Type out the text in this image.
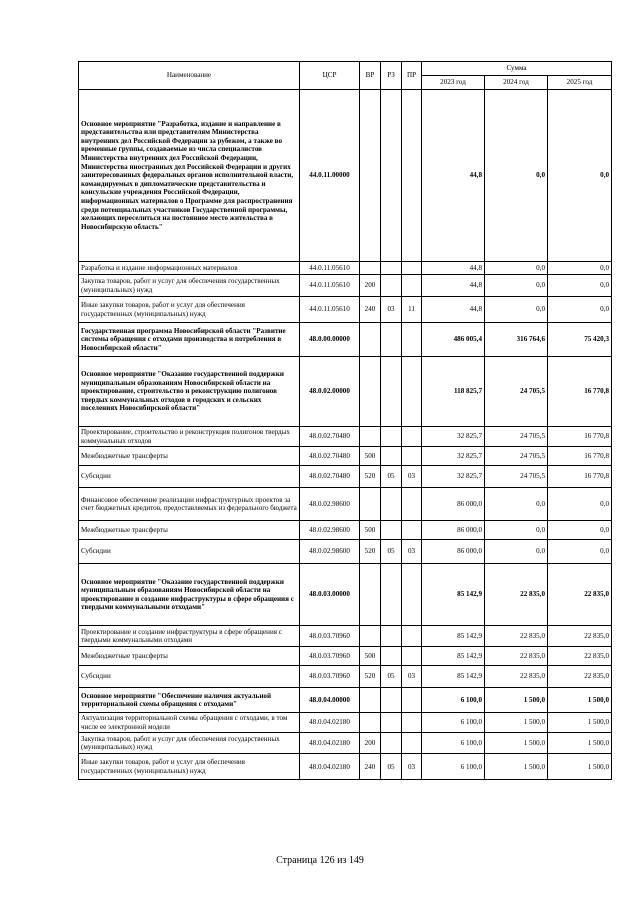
Наименование	ЦСР	ВР	РЗ	ПР	Сумма		
					2023 год	2024 год	2025 год
Основное мероприятие "Разработка, издание и направление в представительства или представителям Министерства внутренних дел Российской Федерации за рубежом, а также во временные группы, создаваемые из числа специалистов Министерства внутренних дел Российской Федерации, Министерства иностранных дел Российской Федерации и других заинтересованных федеральных органов исполнительной власти, командируемых в дипломатические представительства и консульские учреждения Российской Федерации, информационных материалов о Программе для распространения среди потенциальных участников Государственной программы, желающих переселиться на постоянное место жительства в Новосибирскую область"	44.0.11.00000				44,8	0,0	0,0
Разработка и издание информационных материалов	44.0.11.05610				44,8	0,0	0,0
Закупка товаров, работ и услуг для обеспечения государственных (муниципальных) нужд	44.0.11.05610	200			44,8	0,0	0,0
Иные закупки товаров, работ и услуг для обеспечения государственных (муниципальных) нужд	44.0.11.05610	240	03	11	44,8	0,0	0,0
Государственная программа Новосибирской области "Развитие системы обращения с отходами производства и потребления в Новосибирской области"	48.0.00.00000				486 005,4	316 764,6	75 420,3
Основное мероприятие "Оказание государственной поддержки муниципальным образованиям Новосибирской области на проектирование, строительство и реконструкцию полигонов твердых коммунальных отходов в городских и сельских поселениях Новосибирской области"	48.0.02.00000				118 825,7	24 705,5	16 770,8
Проектирование, строительство и реконструкция полигонов твердых коммунальных отходов	48.0.02.70480				32 825,7	24 705,5	16 770,8
Межбюджетные трансферты	48.0.02.70480	500			32 825,7	24 705,5	16 770,8
Субсидии	48.0.02.70480	520	05	03	32 825,7	24 705,5	16 770,8
Финансовое обеспечение реализации инфраструктурных проектов за счет бюджетных кредитов, предоставляемых из федерального бюджета	48.0.02.98600				86 000,0	0,0	0,0
Межбюджетные трансферты	48.0.02.98600	500			86 000,0	0,0	0,0
Субсидии	48.0.02.98600	520	05	03	86 000,0	0,0	0,0
Основное мероприятие "Оказание государственной поддержки муниципальным образованиям Новосибирской области на проектирование и создание инфраструктуры в сфере обращения с твердыми коммунальными отходами"	48.0.03.00000				85 142,9	22 835,0	22 835,0
Проектирование и создание инфраструктуры в сфере обращения с твердыми коммунальными отходами	48.0.03.70960				85 142,9	22 835,0	22 835,0
Межбюджетные трансферты	48.0.03.70960	500			85 142,9	22 835,0	22 835,0
Субсидии	48.0.03.70960	520	05	03	85 142,9	22 835,0	22 835,0
Основное мероприятие "Обеспечение наличия актуальной территориальной схемы обращения с отходами"	48.0.04.00000				6 100,0	1 500,0	1 500,0
Актуализация территориальной схемы обращения с отходами, в том числе ее электронной модели	48.0.04.02180				6 100,0	1 500,0	1 500,0
Закупка товаров, работ и услуг для обеспечения государственных (муниципальных) нужд	48.0.04.02180	200			6 100,0	1 500,0	1 500,0
Иные закупки товаров, работ и услуг для обеспечения государственных (муниципальных) нужд	48.0.04.02180	240	05	03	6 100,0	1 500,0	1 500,0
Страница 126 из 149
